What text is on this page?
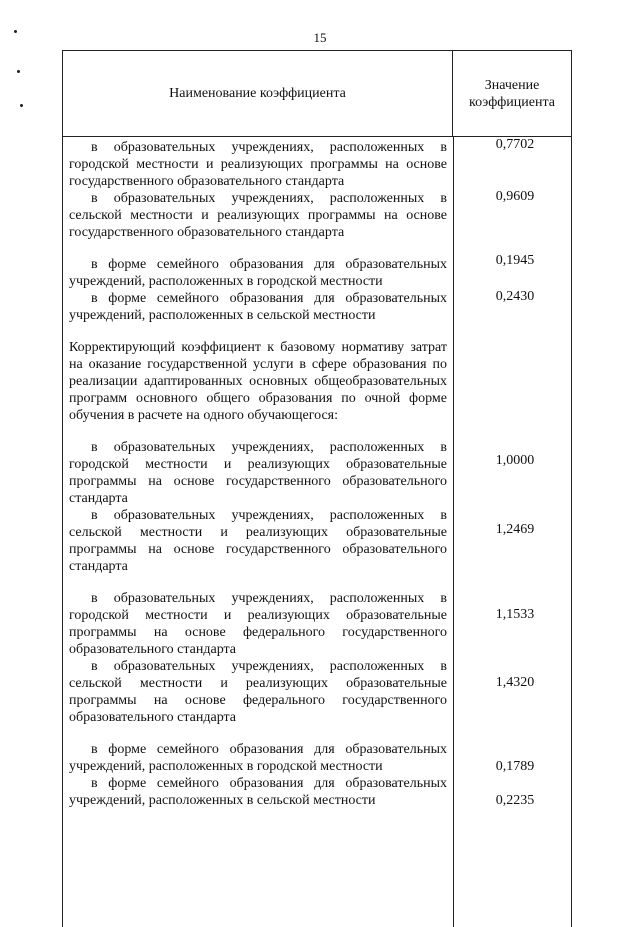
15
Наименование коэффициента
Значение коэффициента
в образовательных учреждениях, расположенных в городской местности и реализующих программы на основе государственного образовательного стандарта
в образовательных учреждениях, расположенных в сельской местности и реализующих программы на основе государственного образовательного стандарта
в форме семейного образования для образовательных учреждений, расположенных в городской местности
в форме семейного образования для образовательных учреждений, расположенных в сельской местности
Корректирующий коэффициент к базовому нормативу затрат на оказание государственной услуги в сфере образования по реализации адаптированных основных общеобразовательных программ основного общего образования по очной форме обучения в расчете на одного обучающегося:
в образовательных учреждениях, расположенных в городской местности и реализующих образовательные программы на основе государственного образовательного стандарта
в образовательных учреждениях, расположенных в сельской местности и реализующих образовательные программы на основе государственного образовательного стандарта
в образовательных учреждениях, расположенных в городской местности и реализующих образовательные программы на основе федерального государственного образовательного стандарта
в образовательных учреждениях, расположенных в сельской местности и реализующих образовательные программы на основе федерального государственного образовательного стандарта
в форме семейного образования для образовательных учреждений, расположенных в городской местности
в форме семейного образования для образовательных учреждений, расположенных в сельской местности
0,7702
0,9609
0,1945
0,2430
1,0000
1,2469
1,1533
1,4320
0,1789
0,2235
